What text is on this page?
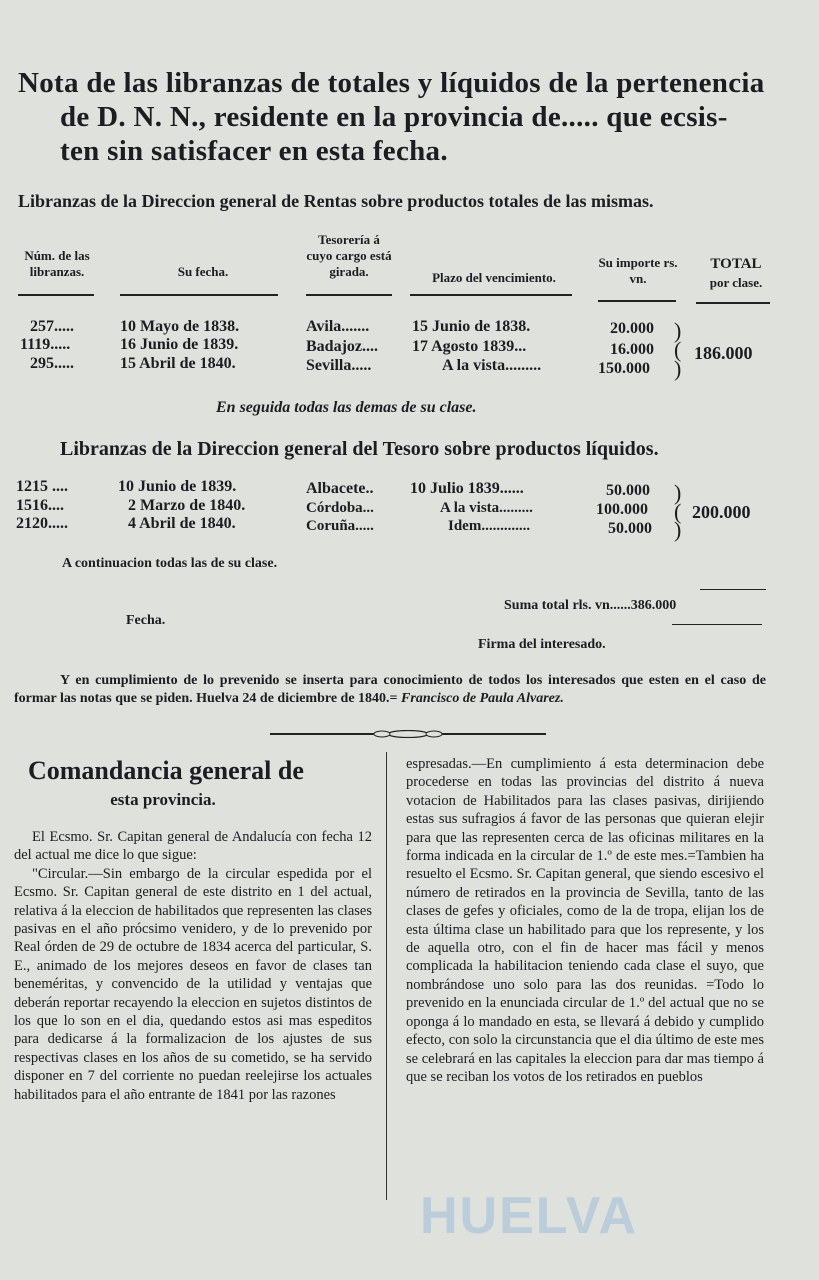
Nota de las libranzas de totales y líquidos de la pertenencia
de D. N. N., residente en la provincia de..... que ecsis-
ten sin satisfacer en esta fecha.
Libranzas de la Direccion general de Rentas sobre productos totales de las mismas.
Núm. de las libranzas.	Su fecha.
Tesorería á cuyo cargo está girada.	Plazo del vencimiento.
Su importe rs. vn.
TOTAL
por clase.
257.....	10 Mayo de 1838.	Avila.......	15 Junio de 1838.	20.000
1119.....	16 Junio de 1839.	Badajoz.... 17 Agosto 1839...	16.000
295.....	15 Abril de 1840.	Sevilla.....	A la vista.........	150.000
)
(
)
186.000
En seguida todas las demas de su clase.
Libranzas de la Direccion general del Tesoro sobre productos líquidos.
1215 ....	10 Junio de 1839.	Albacete.. 10 Julio 1839......	50.000
1516....	2 Marzo de 1840.	Córdoba...	A la vista.........	100.000
2120.....	4 Abril de 1840.	Coruña.....	Idem.............	50.000
)
(
)
200.000
A continuacion todas las de su clase.
Suma total rls. vn......386.000
Fecha.
Firma del interesado.
Y en cumplimiento de lo prevenido se inserta para conocimiento de todos los interesados que esten en el caso de formar las notas que se piden. Huelva 24 de diciembre de 1840.= Francisco de Paula Alvarez.
Comandancia general de
esta provincia.
El Ecsmo. Sr. Capitan general de Andalucía con fecha 12 del actual me dice lo que sigue:
"Circular.—Sin embargo de la circular espedida por el Ecsmo. Sr. Capitan general de este distrito en 1 del actual, relativa á la eleccion de habilitados que representen las clases pasivas en el año prócsimo venidero, y de lo prevenido por Real órden de 29 de octubre de 1834 acerca del particular, S. E., animado de los mejores deseos en favor de clases tan beneméritas, y convencido de la utilidad y ventajas que deberán reportar recayendo la eleccion en sujetos distintos de los que lo son en el dia, quedando estos asi mas espeditos para dedicarse á la formalizacion de los ajustes de sus respectivas clases en los años de su cometido, se ha servido disponer en 7 del corriente no puedan reelejirse los actuales habilitados para el año entrante de 1841 por las razones
espresadas.—En cumplimiento á esta determinacion debe procederse en todas las provincias del distrito á nueva votacion de Habilitados para las clases pasivas, dirijiendo estas sus sufragios á favor de las personas que quieran elejir para que las representen cerca de las oficinas militares en la forma indicada en la circular de 1.º de este mes.=Tambien ha resuelto el Ecsmo. Sr. Capitan general, que siendo escesivo el número de retirados en la provincia de Sevilla, tanto de las clases de gefes y oficiales, como de la de tropa, elijan los de esta última clase un habilitado para que los represente, y los de aquella otro, con el fin de hacer mas fácil y menos complicada la habilitacion teniendo cada clase el suyo, que nombrándose uno solo para las dos reunidas. =Todo lo prevenido en la enunciada circular de 1.º del actual que no se oponga á lo mandado en esta, se llevará á debido y cumplido efecto, con solo la circunstancia que el dia último de este mes se celebrará en las capitales la eleccion para dar mas tiempo á que se reciban los votos de los retirados en pueblos
HUELVA
